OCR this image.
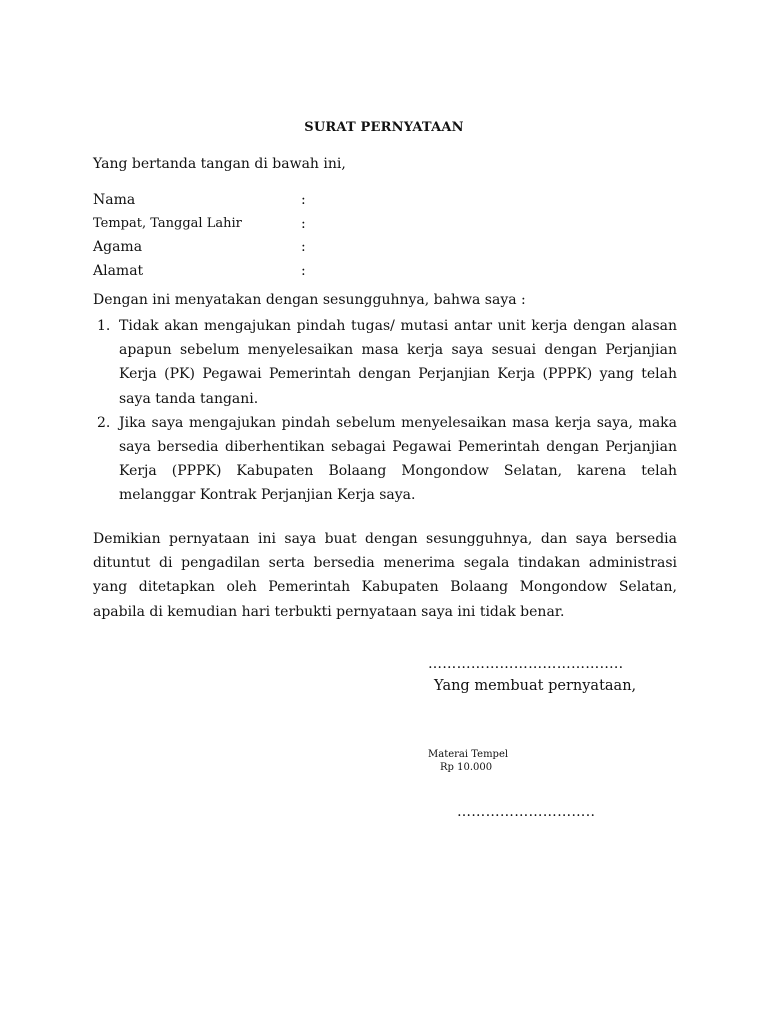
SURAT PERNYATAAN
Yang bertanda tangan di bawah ini,
Nama	:
Tempat, Tanggal Lahir	:
Agama	:
Alamat	:
Dengan ini menyatakan dengan sesungguhnya, bahwa saya :
1. Tidak akan mengajukan pindah tugas/ mutasi antar unit kerja dengan alasan apapun sebelum menyelesaikan masa kerja saya sesuai dengan Perjanjian Kerja (PK) Pegawai Pemerintah dengan Perjanjian Kerja (PPPK) yang telah saya tanda tangani.
2. Jika saya mengajukan pindah sebelum menyelesaikan masa kerja saya, maka saya bersedia diberhentikan sebagai Pegawai Pemerintah dengan Perjanjian Kerja (PPPK) Kabupaten Bolaang Mongondow Selatan, karena telah melanggar Kontrak Perjanjian Kerja saya.
Demikian pernyataan ini saya buat dengan sesungguhnya, dan saya bersedia dituntut di pengadilan serta bersedia menerima segala tindakan administrasi yang ditetapkan oleh Pemerintah Kabupaten Bolaang Mongondow Selatan, apabila di kemudian hari terbukti pernyataan saya ini tidak benar.
……………………………….....
Yang membuat pernyataan,
Materai Tempel
Rp 10.000
………………………..
